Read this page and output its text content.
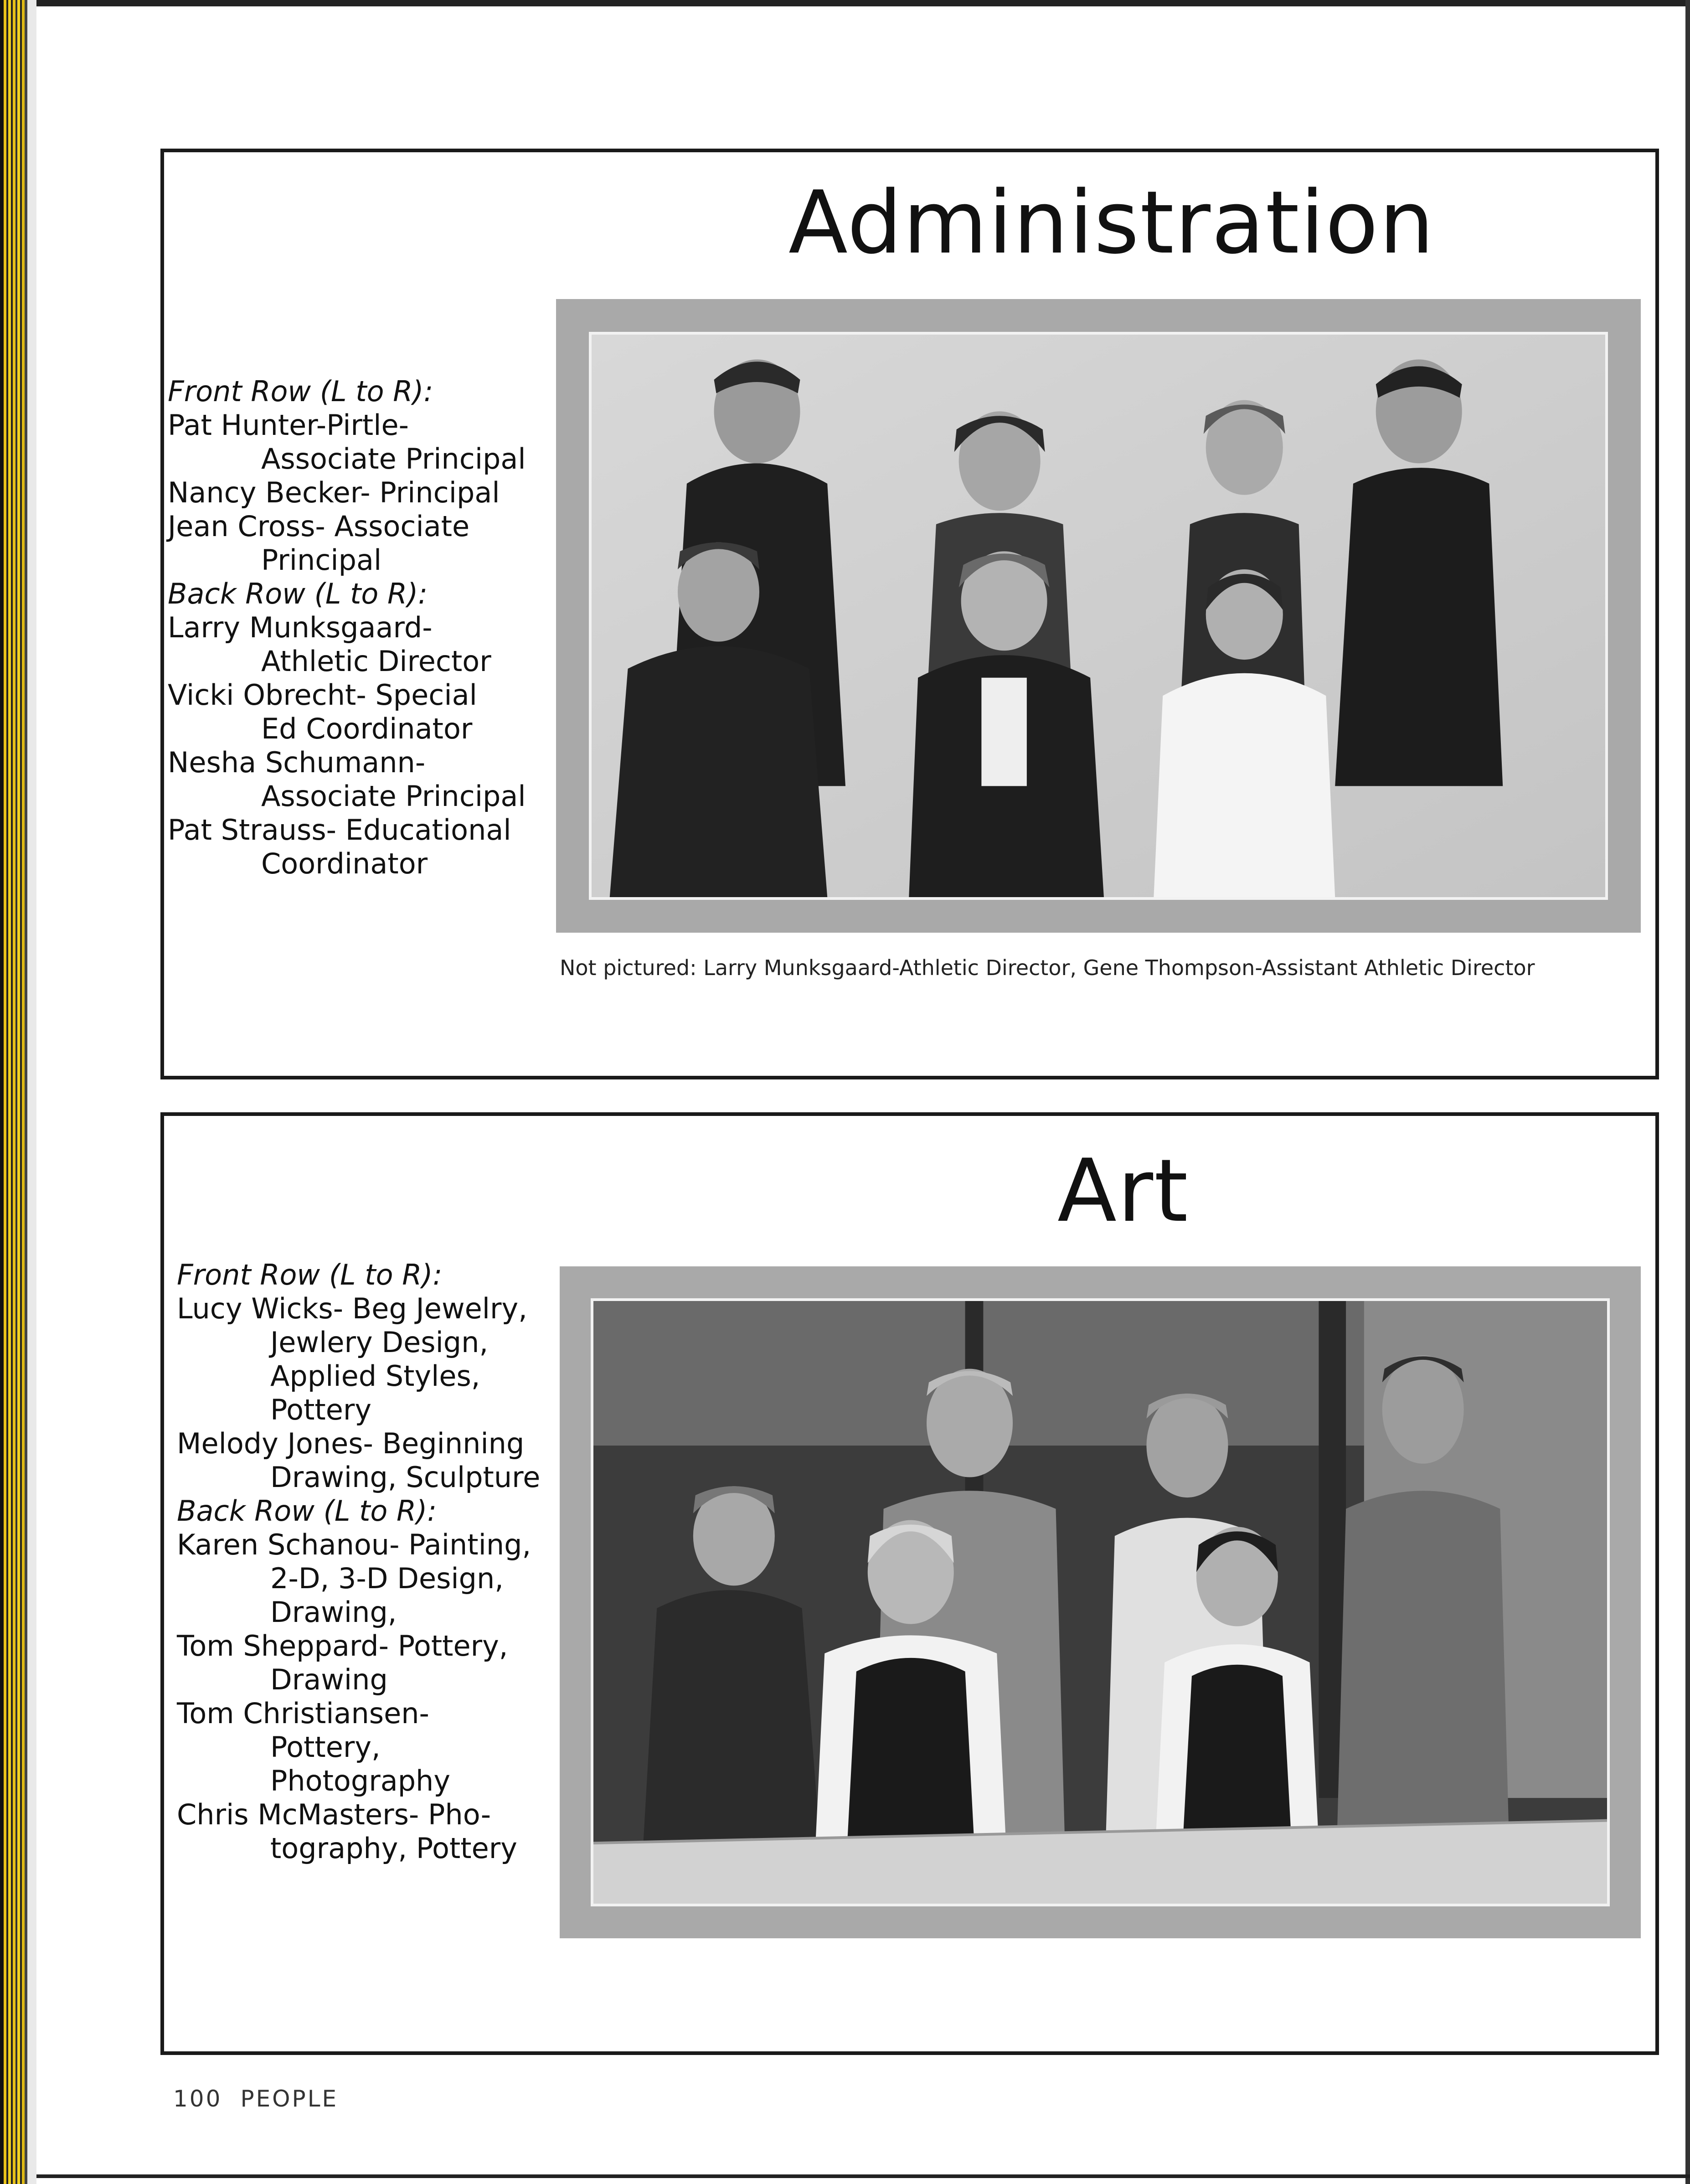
Administration
Front Row (L to R):
Pat Hunter-Pirtle-
Associate Principal
Nancy Becker- Principal
Jean Cross- Associate
Principal
Back Row (L to R):
Larry Munksgaard-
Athletic Director
Vicki Obrecht- Special
Ed Coordinator
Nesha Schumann-
Associate Principal
Pat Strauss- Educational
Coordinator
Not pictured: Larry Munksgaard-Athletic Director, Gene Thompson-Assistant Athletic Director
Art
Front Row (L to R):
Lucy Wicks- Beg Jewelry,
Jewlery Design,
Applied Styles,
Pottery
Melody Jones- Beginning
Drawing, Sculpture
Back Row (L to R):
Karen Schanou- Painting,
2-D, 3-D Design,
Drawing,
Tom Sheppard- Pottery,
Drawing
Tom Christiansen-
Pottery,
Photography
Chris McMasters- Pho-
tography, Pottery
100 PEOPLE
